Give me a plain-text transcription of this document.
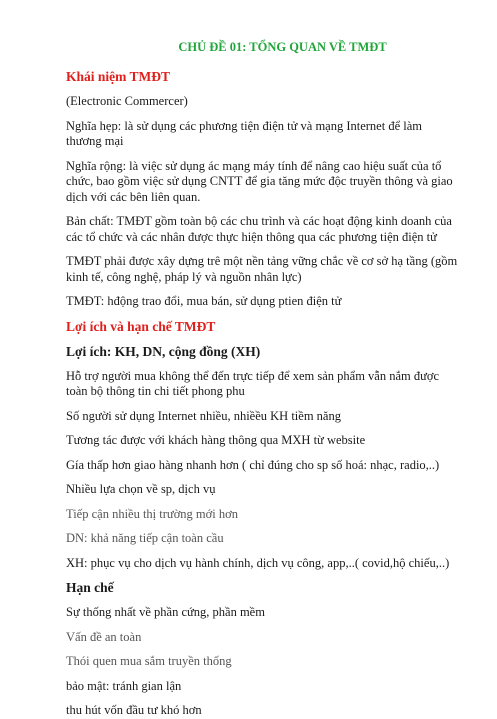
CHỦ ĐỀ 01: TỔNG QUAN VỀ TMĐT
Khái niệm TMĐT

(Electronic Commercer)

Nghĩa hẹp: là sử dụng các phương tiện điện tử và mạng Internet để làm thương mại

Nghĩa rộng: là việc sử dụng ác mạng máy tính để nâng cao hiệu suất của tổ chức, bao gồm việc sử dụng CNTT để gia tăng mức độc truyền thông và giao dịch với các bên liên quan.

Bản chất: TMĐT gồm toàn bộ các chu trình và các hoạt động kinh doanh của các tổ chức và các nhân được thực hiện thông qua các phương tiện điện tử

TMĐT phải được xây dựng trê một nền tảng vững chắc về cơ sở hạ tầng (gồm kinh tế, công nghệ, pháp lý và nguồn nhân lực)

TMĐT: hđộng trao đổi, mua bán, sử dụng ptien điện tử

Lợi ích và hạn chế TMĐT
Lợi ích: KH, DN, cộng đồng (XH)

Hỗ trợ người mua không thể đến trực tiếp để xem sản phẩm vẫn nắm được toàn bộ thông tin chi tiết phong phu

Số người sử dụng Internet nhiều, nhiềều KH tiềm năng

Tương tác được với khách hàng thông qua MXH từ website

Gía thấp hơn giao hàng nhanh hơn ( chỉ đúng cho sp số hoá: nhạc, radio,..)

Nhiều lựa chọn về sp, dịch vụ

Tiếp cận nhiều thị trường mới hơn

DN: khả năng tiếp cận toàn cầu

XH: phục vụ cho dịch vụ hành chính, dịch vụ công, app,..( covid,hộ chiếu,..)

Hạn chế

Sự thống nhất về phần cứng, phần mềm

Vấn đề an toàn

Thói quen mua sắm truyền thống

bảo mật: tránh gian lận

thu hút vốn đầu tư khó hơn
